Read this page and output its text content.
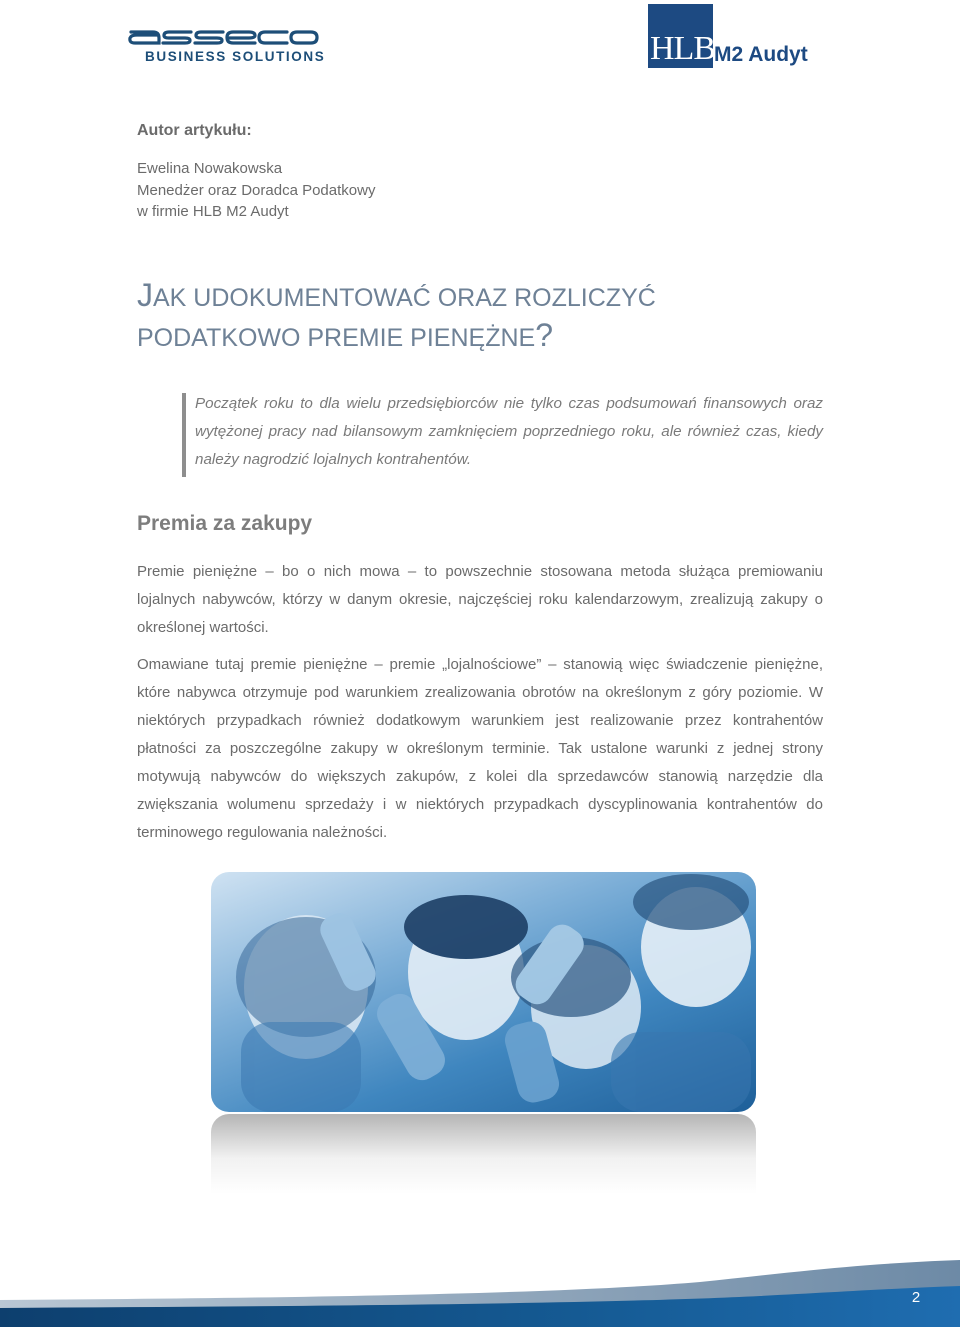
BUSINESS SOLUTIONS	HLB M2 Audyt
Autor artykułu:
Ewelina Nowakowska
Menedżer oraz Doradca Podatkowy
w firmie HLB M2 Audyt
JAK UDOKUMENTOWAĆ ORAZ ROZLICZYĆ
PODATKOWO PREMIE PIENĘŻNE?
Początek roku to dla wielu przedsiębiorców nie tylko czas podsumowań finansowych oraz wytężonej pracy nad bilansowym zamknięciem poprzedniego roku, ale również czas, kiedy należy nagrodzić lojalnych kontrahentów.
Premia za zakupy
Premie pieniężne – bo o nich mowa – to powszechnie stosowana metoda służąca premiowaniu lojalnych nabywców, którzy w danym okresie, najczęściej roku kalendarzowym, zrealizują zakupy o określonej wartości.
Omawiane tutaj premie pieniężne – premie „lojalnościowe” – stanowią więc świadczenie pieniężne, które nabywca otrzymuje pod warunkiem zrealizowania obrotów na określonym z góry poziomie. W niektórych przypadkach również dodatkowym warunkiem jest realizowanie przez kontrahentów płatności za poszczególne zakupy w określonym terminie. Tak ustalone warunki z jednej strony motywują nabywców do większych zakupów, z kolei dla sprzedawców stanowią narzędzie dla zwiększania wolumenu sprzedaży i w niektórych przypadkach dyscyplinowania kontrahentów do terminowego regulowania należności.
2
